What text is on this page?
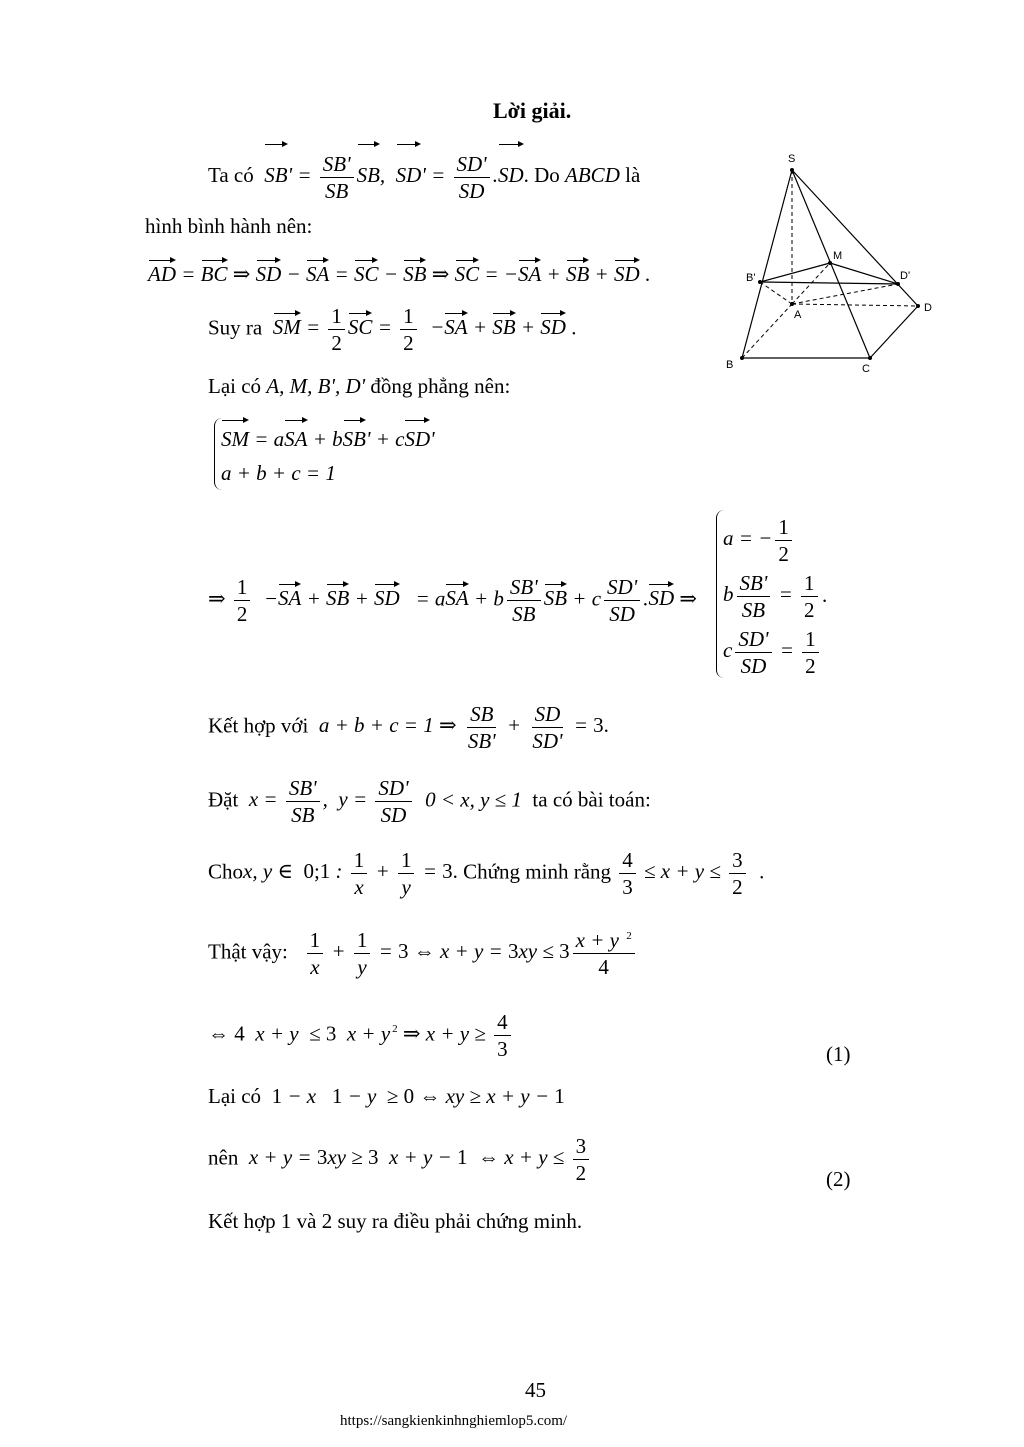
Lời giải.
Ta có $SB' = \frac{SB'}{SB}$ SB,  $SD' = \frac{SD'}{SD} .SD$. Do ABCD là
hình bình hành nên:
AD = BC ⇒ SD − SA = SC − SB ⇒ SC = −SA + SB + SD .
Suy ra SM = $\frac{1}{2}$ SC = $\frac{1}{2} -SA$ + SB + SD .
Lại có A, M, B', D' đồng phẳng nên:
SM = aSA + bSB' + cSD'
a + b + c = 1
⇒ $\frac{1}{2} -SA$ + SB + SD   = aSA + b $\frac{SB'}{SB}$ SB + c $\frac{SD'}{SD} .SD$ ⇒
a = − $\frac{1}{2}$

b $\frac{SB'}{SB} = \frac{1}{2}$

c $\frac{SD'}{SD} = \frac{1}{2}$
.
Kết hợp với  a + b + c = 1 ⇒ $\frac{SB}{SB'} + \frac{SD}{SD'} = 3$.
Đặt  $x = \frac{SB'}{SB}$ ,  $y = \frac{SD'}{SD} 0 < x$, y ≤ 1 ta có bài toán:
Chox, y ∈  0;1 : $\frac{1}{x} + \frac{1}{y} = 3$. Chứng minh rằng $\frac{4}{3} \le x + y \le \frac{3}{2}$ .
Thật vậy: $\frac{1}{x} + \frac{1}{y} = 3$ ⇔ $x + y = 3xy \le 3 \frac{x + y ^2}{4}$
⇔ 4  x + y  ≤ 3  x + y $^2$ ⇒ $x + y \ge \frac{4}{3}$	(1)
Lại có 1 − x   1 − y  ≥ 0 ⇔ xy ≥ x + y − 1
nên  x + y = 3xy ≥ 3  x + y − 1  ⇔ $x + y \le \frac{3}{2}$	(2)
Kết hợp 1 và 2 suy ra điều phải chứng minh.
S
M
B'	D'
A
D
B	C
45
https://sangkienkinhnghiemlop5.com/
